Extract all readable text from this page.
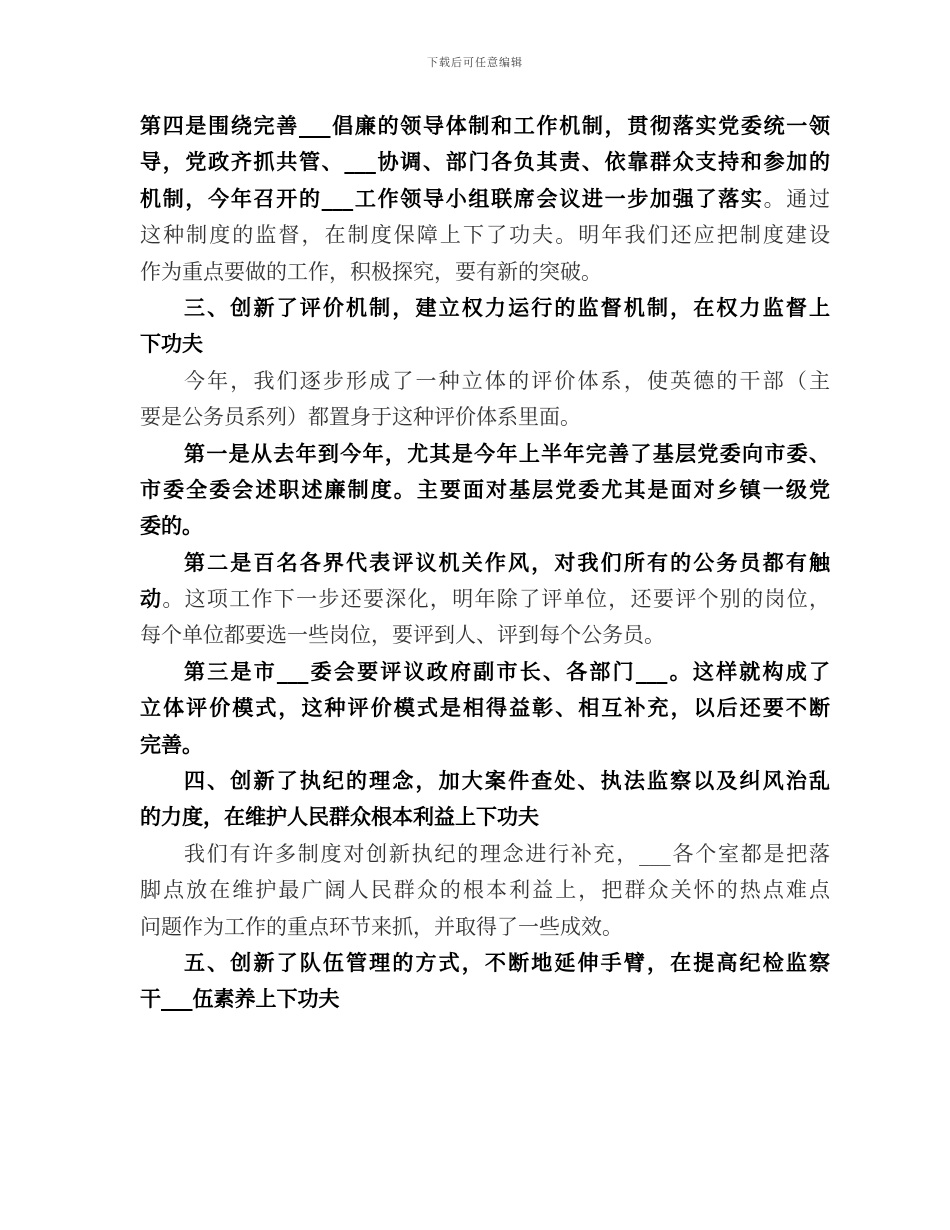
下载后可任意编辑
第四是围绕完善___倡廉的领导体制和工作机制，贯彻落实党委统一领
导，党政齐抓共管、___协调、部门各负其责、依靠群众支持和参加的
机制，今年召开的___工作领导小组联席会议进一步加强了落实。通过
这种制度的监督，在制度保障上下了功夫。明年我们还应把制度建设
作为重点要做的工作，积极探究，要有新的突破。
三、创新了评价机制，建立权力运行的监督机制，在权力监督上
下功夫
今年，我们逐步形成了一种立体的评价体系，使英德的干部（主
要是公务员系列）都置身于这种评价体系里面。
第一是从去年到今年，尤其是今年上半年完善了基层党委向市委、
市委全委会述职述廉制度。主要面对基层党委尤其是面对乡镇一级党
委的。
第二是百名各界代表评议机关作风，对我们所有的公务员都有触
动。这项工作下一步还要深化，明年除了评单位，还要评个别的岗位，
每个单位都要选一些岗位，要评到人、评到每个公务员。
第三是市___委会要评议政府副市长、各部门___。这样就构成了
立体评价模式，这种评价模式是相得益彰、相互补充，以后还要不断
完善。
四、创新了执纪的理念，加大案件查处、执法监察以及纠风治乱
的力度，在维护人民群众根本利益上下功夫
我们有许多制度对创新执纪的理念进行补充，___各个室都是把落
脚点放在维护最广阔人民群众的根本利益上，把群众关怀的热点难点
问题作为工作的重点环节来抓，并取得了一些成效。
五、创新了队伍管理的方式，不断地延伸手臂，在提高纪检监察
干___伍素养上下功夫
